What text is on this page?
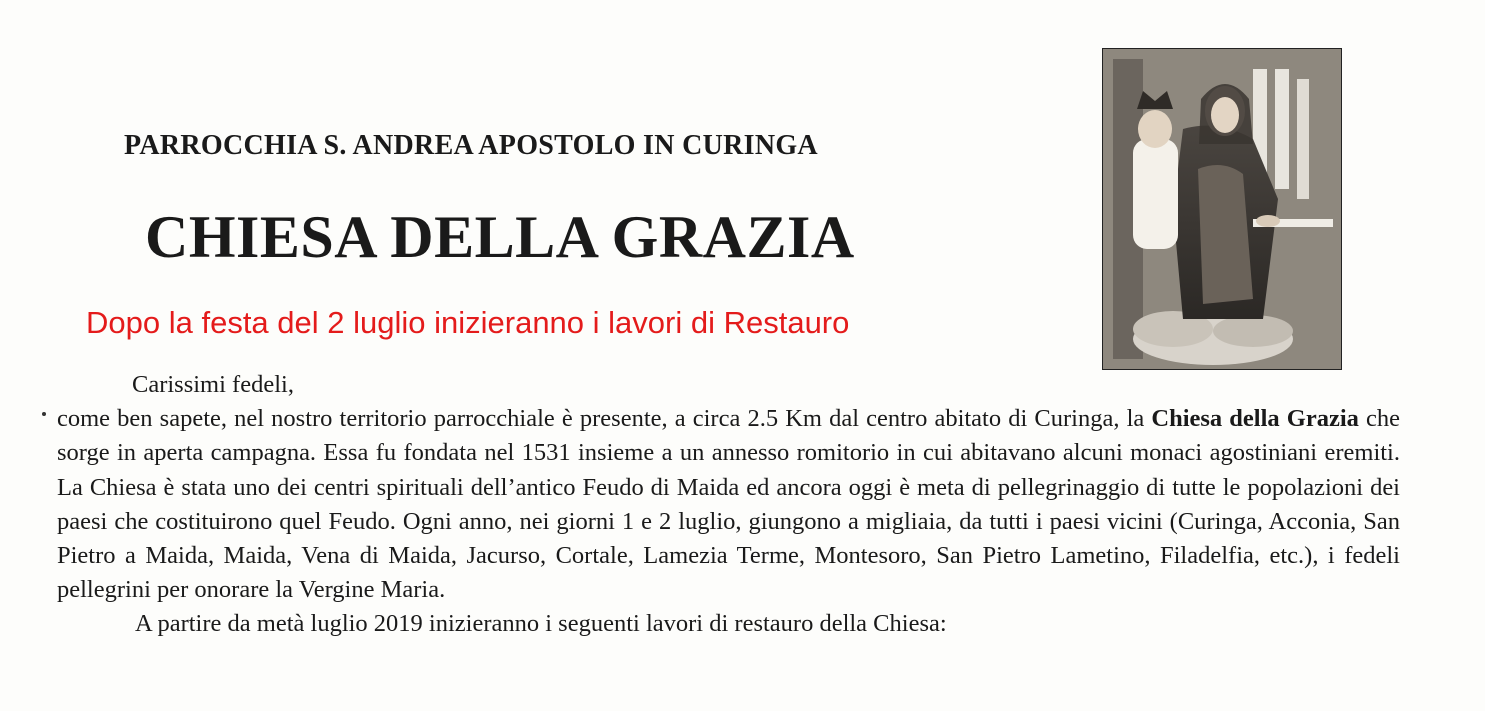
PARROCCHIA S. ANDREA APOSTOLO IN CURINGA
CHIESA DELLA GRAZIA
Dopo la festa del 2 luglio inizieranno i lavori di Restauro
Carissimi fedeli,
come ben sapete, nel nostro territorio parrocchiale è presente, a circa 2.5 Km dal centro abitato di Curinga, la Chiesa della Grazia che sorge in aperta campagna. Essa fu fondata nel 1531 insieme a un annesso romitorio in cui abitavano alcuni monaci agostiniani eremiti. La Chiesa è stata uno dei centri spirituali dell’antico Feudo di Maida ed ancora oggi è meta di pellegrinaggio di tutte le popolazioni dei paesi che costituirono quel Feudo. Ogni anno, nei giorni 1 e 2 luglio, giungono a migliaia, da tutti i paesi vicini (Curinga, Acconia, San Pietro a Maida, Maida, Vena di Maida, Jacurso, Cortale, Lamezia Terme, Montesoro, San Pietro Lametino, Filadelfia, etc.), i fedeli pellegrini per onorare la Vergine Maria.
A partire da metà luglio 2019 inizieranno i seguenti lavori di restauro della Chiesa:
